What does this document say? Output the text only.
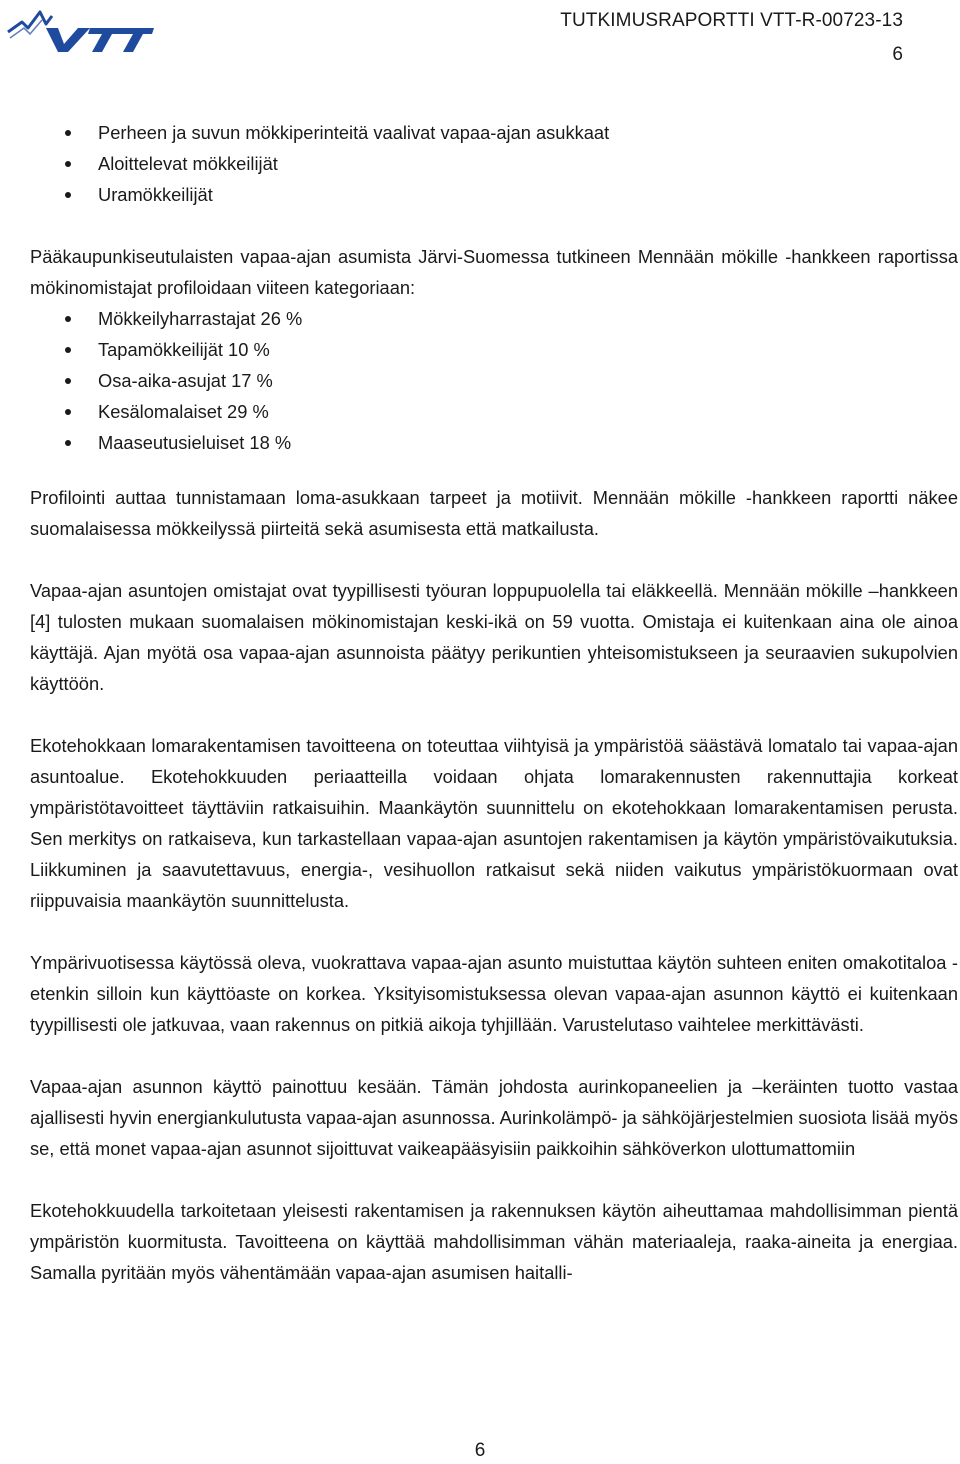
TUTKIMUSRAPORTTI VTT-R-00723-13
6
Perheen ja suvun mökkiperinteitä vaalivat vapaa-ajan asukkaat
Aloittelevat mökkeilijät
Uramökkeilijät

Pääkaupunkiseutulaisten vapaa-ajan asumista Järvi-Suomessa tutkineen Mennään mökille -hankkeen raportissa mökinomistajat profiloidaan viiteen kategoriaan:

Mökkeilyharrastajat 26 %
Tapamökkeilijät 10 %
Osa-aika-asujat 17 %
Kesälomalaiset 29 %
Maaseutusieluiset 18 %

Profilointi auttaa tunnistamaan loma-asukkaan tarpeet ja motiivit. Mennään mökille -hankkeen raportti näkee suomalaisessa mökkeilyssä piirteitä sekä asumisesta että matkailusta.

Vapaa-ajan asuntojen omistajat ovat tyypillisesti työuran loppupuolella tai eläkkeellä. Mennään mökille –hankkeen [4] tulosten mukaan suomalaisen mökinomistajan keski-ikä on 59 vuotta. Omistaja ei kuitenkaan aina ole ainoa käyttäjä. Ajan myötä osa vapaa-ajan asunnoista päätyy perikuntien yhteisomistukseen ja seuraavien sukupolvien käyttöön.

Ekotehokkaan lomarakentamisen tavoitteena on toteuttaa viihtyisä ja ympäristöä säästävä lomatalo tai vapaa-ajan asuntoalue. Ekotehokkuuden periaatteilla voidaan ohjata lomarakennusten rakennuttajia korkeat ympäristötavoitteet täyttäviin ratkaisuihin. Maankäytön suunnittelu on ekotehokkaan lomarakentamisen perusta. Sen merkitys on ratkaiseva, kun tarkastellaan vapaa-ajan asuntojen rakentamisen ja käytön ympäristövaikutuksia. Liikkuminen ja saavutettavuus, energia-, vesihuollon ratkaisut sekä niiden vaikutus ympäristökuormaan ovat riippuvaisia maankäytön suunnittelusta.

Ympärivuotisessa käytössä oleva, vuokrattava vapaa-ajan asunto muistuttaa käytön suhteen eniten omakotitaloa - etenkin silloin kun käyttöaste on korkea. Yksityisomistuksessa olevan vapaa-ajan asunnon käyttö ei kuitenkaan tyypillisesti ole jatkuvaa, vaan rakennus on pitkiä aikoja tyhjillään. Varustelutaso vaihtelee merkittävästi.

Vapaa-ajan asunnon käyttö painottuu kesään. Tämän johdosta aurinkopaneelien ja –keräinten tuotto vastaa ajallisesti hyvin energiankulutusta vapaa-ajan asunnossa. Aurinkolämpö- ja sähköjärjestelmien suosiota lisää myös se, että monet vapaa-ajan asunnot sijoittuvat vaikeapääsyisiin paikkoihin sähköverkon ulottumattomiin

Ekotehokkuudella tarkoitetaan yleisesti rakentamisen ja rakennuksen käytön aiheuttamaa mahdollisimman pientä ympäristön kuormitusta. Tavoitteena on käyttää mahdollisimman vähän materiaaleja, raaka-aineita ja energiaa. Samalla pyritään myös vähentämään vapaa-ajan asumisen haitalli-

6
